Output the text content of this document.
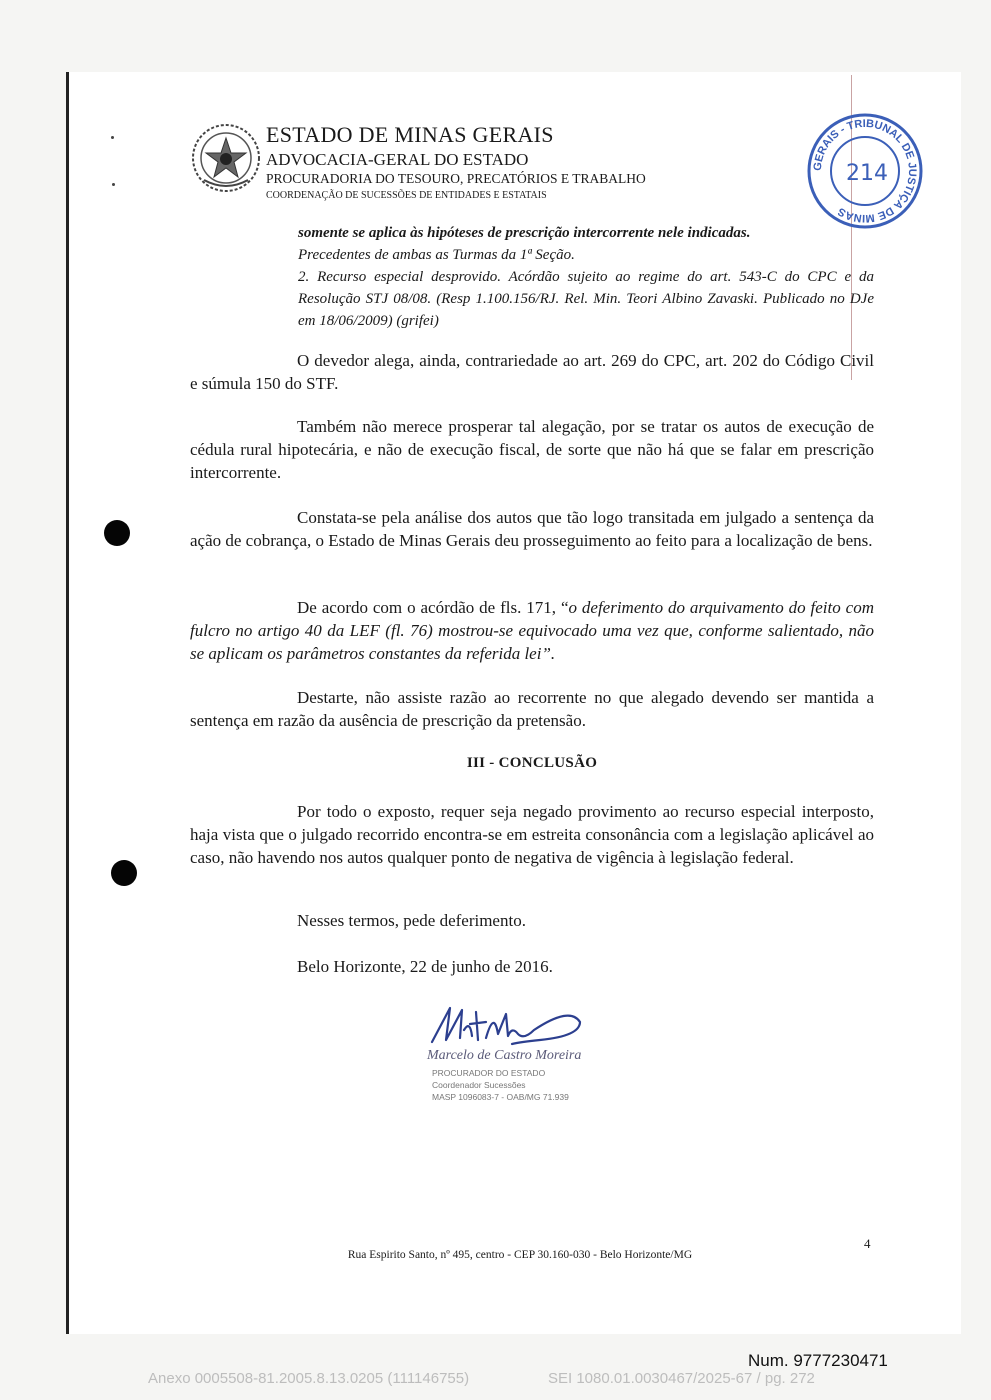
ESTADO DE MINAS GERAIS
ADVOCACIA-GERAL DO ESTADO
PROCURADORIA DO TESOURO, PRECATÓRIOS E TRABALHO
COORDENAÇÃO DE SUCESSÕES DE ENTIDADES E ESTATAIS
GERAIS - TRIBUNAL DE JUSTIÇA DE MINAS
214

somente se aplica às hipóteses de prescrição intercorrente nele indicadas.

Precedentes de ambas as Turmas da 1ª Seção.

2. Recurso especial desprovido. Acórdão sujeito ao regime do art. 543-C do CPC e da Resolução STJ 08/08. (Resp 1.100.156/RJ. Rel. Min. Teori Albino Zavaski. Publicado no DJe em 18/06/2009) (grifei)

O devedor alega, ainda, contrariedade ao art. 269 do CPC, art. 202 do Código Civil e súmula 150 do STF.

Também não merece prosperar tal alegação, por se tratar os autos de execução de cédula rural hipotecária, e não de execução fiscal, de sorte que não há que se falar em prescrição intercorrente.

Constata-se pela análise dos autos que tão logo transitada em julgado a sentença da ação de cobrança, o Estado de Minas Gerais deu prosseguimento ao feito para a localização de bens.

De acordo com o acórdão de fls. 171, “o deferimento do arquivamento do feito com fulcro no artigo 40 da LEF (fl. 76) mostrou-se equivocado uma vez que, conforme salientado, não se aplicam os parâmetros constantes da referida lei”.

Destarte, não assiste razão ao recorrente no que alegado devendo ser mantida a sentença em razão da ausência de prescrição da pretensão.

III - CONCLUSÃO

Por todo o exposto, requer seja negado provimento ao recurso especial interposto, haja vista que o julgado recorrido encontra-se em estreita consonância com a legislação aplicável ao caso, não havendo nos autos qualquer ponto de negativa de vigência à legislação federal.

Nesses termos, pede deferimento.
Belo Horizonte, 22 de junho de 2016.
Marcelo de Castro Moreira
PROCURADOR DO ESTADO
Coordenador Sucessões
MASP 1096083-7 - OAB/MG 71.939
4
Rua Espirito Santo, nº 495, centro - CEP 30.160-030 - Belo Horizonte/MG
Num. 9777230471
Anexo 0005508-81.2005.8.13.0205 (111146755)	SEI 1080.01.0030467/2025-67 / pg. 272
